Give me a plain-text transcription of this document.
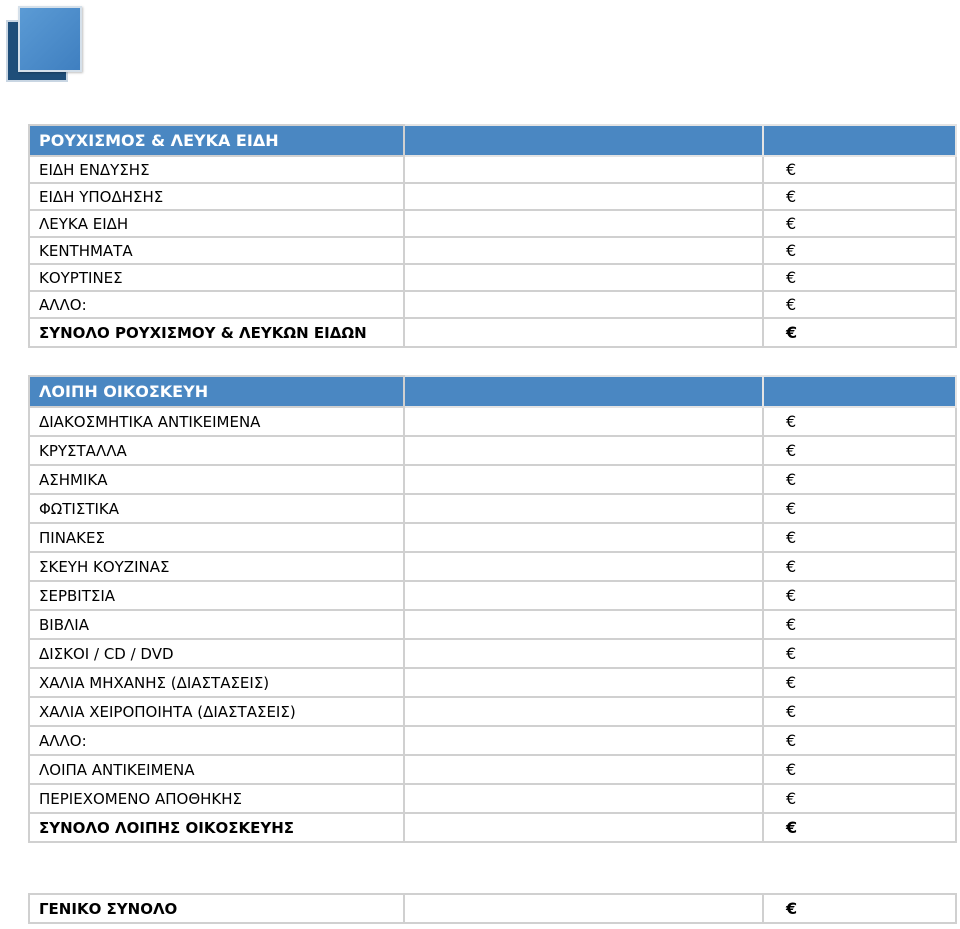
ΡΟΥΧΙΣΜΟΣ & ΛΕΥΚΑ ΕΙΔΗ		
ΕΙΔΗ ΕΝΔΥΣΗΣ		€
ΕΙΔΗ ΥΠΟΔΗΣΗΣ		€
ΛΕΥΚΑ ΕΙΔΗ		€
ΚΕΝΤΗΜΑΤΑ		€
ΚΟΥΡΤΙΝΕΣ		€
ΑΛΛΟ:		€
ΣΥΝΟΛΟ ΡΟΥΧΙΣΜΟΥ & ΛΕΥΚΩΝ ΕΙΔΩΝ		€
ΛΟΙΠΗ ΟΙΚΟΣΚΕΥΗ		
ΔΙΑΚΟΣΜΗΤΙΚΑ ΑΝΤΙΚΕΙΜΕΝΑ		€
ΚΡΥΣΤΑΛΛΑ		€
ΑΣΗΜΙΚΑ		€
ΦΩΤΙΣΤΙΚΑ		€
ΠΙΝΑΚΕΣ		€
ΣΚΕΥΗ ΚΟΥΖΙΝΑΣ		€
ΣΕΡΒΙΤΣΙΑ		€
ΒΙΒΛΙΑ		€
ΔΙΣΚΟΙ / CD / DVD		€
ΧΑΛΙΑ ΜΗΧΑΝΗΣ (ΔΙΑΣΤΑΣΕΙΣ)		€
ΧΑΛΙΑ ΧΕΙΡΟΠΟΙΗΤΑ (ΔΙΑΣΤΑΣΕΙΣ)		€
ΑΛΛΟ:		€
ΛΟΙΠΑ ΑΝΤΙΚΕΙΜΕΝΑ		€
ΠΕΡΙΕΧΟΜΕΝΟ ΑΠΟΘΗΚΗΣ		€
ΣΥΝΟΛΟ ΛΟΙΠΗΣ ΟΙΚΟΣΚΕΥΗΣ		€
ΓΕΝΙΚΟ ΣΥΝΟΛΟ		€
